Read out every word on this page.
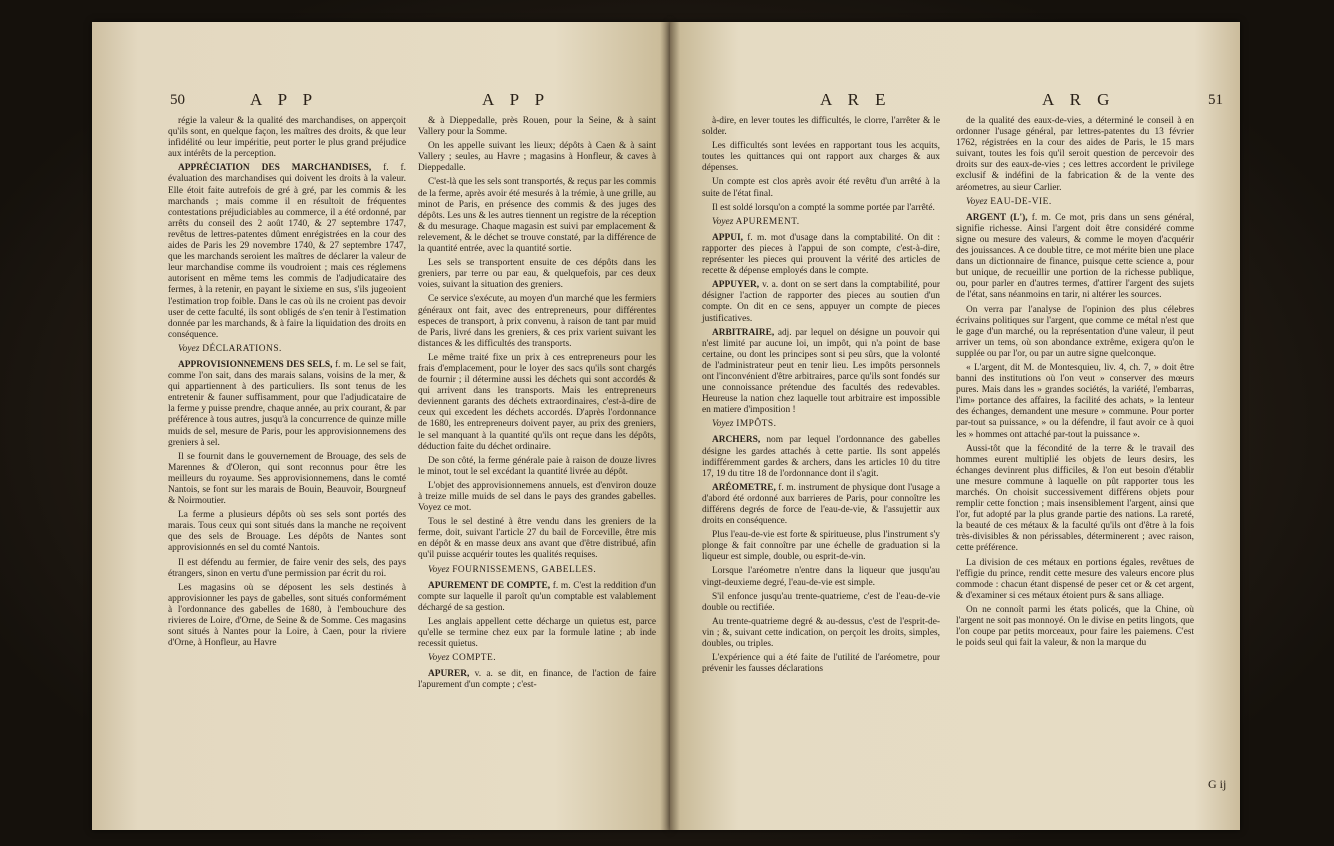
50	A P P	A P P

régie la valeur & la qualité des marchandises, on apperçoit qu'ils sont, en quelque façon, les maîtres des droits, & que leur infidélité ou leur impéritie, peut porter le plus grand préjudice aux intérêts de la perception.

APPRÉCIATION DES MARCHANDISES, f. f. évaluation des marchandises qui doivent les droits à la valeur. Elle étoit faite autrefois de gré à gré, par les commis & les marchands ; mais comme il en résultoit de fréquentes contestations préjudiciables au commerce, il a été ordonné, par arrêts du conseil des 2 août 1740, & 27 septembre 1747, revêtus de lettres-patentes dûment enrégistrées en la cour des aides de Paris les 29 novembre 1740, & 27 septembre 1747, que les marchands seroient les maîtres de déclarer la valeur de leur marchandise comme ils voudroient ; mais ces réglemens autorisent en même tems les commis de l'adjudicataire des fermes, à la retenir, en payant le sixieme en sus, s'ils jugeoient l'estimation trop foible. Dans le cas où ils ne croient pas devoir user de cette faculté, ils sont obligés de s'en tenir à l'estimation donnée par les marchands, & à faire la liquidation des droits en conséquence.

Voyez DÉCLARATIONS.

APPROVISIONNEMENS DES SELS, f. m. Le sel se fait, comme l'on sait, dans des marais salans, voisins de la mer, & qui appartiennent à des particuliers. Ils sont tenus de les entretenir & fauner suffisamment, pour que l'adjudicataire de la ferme y puisse prendre, chaque année, au prix courant, & par préférence à tous autres, jusqu'à la concurrence de quinze mille muids de sel, mesure de Paris, pour les approvisionnemens des greniers à sel.

Il se fournit dans le gouvernement de Brouage, des sels de Marennes & d'Oleron, qui sont reconnus pour être les meilleurs du royaume. Ses approvisionnemens, dans le comté Nantois, se font sur les marais de Bouin, Beauvoir, Bourgneuf & Noirmoutier.

La ferme a plusieurs dépôts où ses sels sont portés des marais. Tous ceux qui sont situés dans la manche ne reçoivent que des sels de Brouage. Les dépôts de Nantes sont approvisionnés en sel du comté Nantois.

Il est défendu au fermier, de faire venir des sels, des pays étrangers, sinon en vertu d'une permission par écrit du roi.

Les magasins où se déposent les sels destinés à approvisionner les pays de gabelles, sont situés conformément à l'ordonnance des gabelles de 1680, à l'embouchure des rivieres de Loire, d'Orne, de Seine & de Somme. Ces magasins sont situés à Nantes pour la Loire, à Caen, pour la riviere d'Orne, à Honfleur, au Havre

& à Dieppedalle, près Rouen, pour la Seine, & à saint Vallery pour la Somme.

On les appelle suivant les lieux; dépôts à Caen & à saint Vallery ; seules, au Havre ; magasins à Honfleur, & caves à Dieppedalle.

C'est-là que les sels sont transportés, & reçus par les commis de la ferme, après avoir été mesurés à la trémie, à une grille, au minot de Paris, en présence des commis & des juges des dépôts. Les uns & les autres tiennent un registre de la réception & du mesurage. Chaque magasin est suivi par emplacement & relevement, & le déchet se trouve constaté, par la différence de la quantité entrée, avec la quantité sortie.

Les sels se transportent ensuite de ces dépôts dans les greniers, par terre ou par eau, & quelquefois, par ces deux voies, suivant la situation des greniers.

Ce service s'exécute, au moyen d'un marché que les fermiers généraux ont fait, avec des entrepreneurs, pour différentes especes de transport, à prix convenu, à raison de tant par muid de Paris, livré dans les greniers, & ces prix varient suivant les distances & les difficultés des transports.

Le même traité fixe un prix à ces entrepreneurs pour les frais d'emplacement, pour le loyer des sacs qu'ils sont chargés de fournir ; il détermine aussi les déchets qui sont accordés & qui arrivent dans les transports. Mais les entrepreneurs deviennent garants des déchets extraordinaires, c'est-à-dire de ceux qui excedent les déchets accordés. D'après l'ordonnance de 1680, les entrepreneurs doivent payer, au prix des greniers, le sel manquant à la quantité qu'ils ont reçue dans les dépôts, déduction faite du déchet ordinaire.

De son côté, la ferme générale paie à raison de douze livres le minot, tout le sel excédant la quantité livrée au dépôt.

L'objet des approvisionnemens annuels, est d'environ douze à treize mille muids de sel dans le pays des grandes gabelles. Voyez ce mot.

Tous le sel destiné à être vendu dans les greniers de la ferme, doit, suivant l'article 27 du bail de Forceville, être mis en dépôt & en masse deux ans avant que d'être distribué, afin qu'il puisse acquérir toutes les qualités requises.

Voyez FOURNISSEMENS, GABELLES.

APUREMENT DE COMPTE, f. m. C'est la reddition d'un compte sur laquelle il paroît qu'un comptable est valablement déchargé de sa gestion.

Les anglais appellent cette décharge un quietus est, parce qu'elle se termine chez eux par la formule latine ; ab inde recessit quietus.

Voyez COMPTE.

APURER, v. a. se dit, en finance, de l'action de faire l'apurement d'un compte ; c'est-

A R E	A R G	51

à-dire, en lever toutes les difficultés, le clorre, l'arrêter & le solder.

Les difficultés sont levées en rapportant tous les acquits, toutes les quittances qui ont rapport aux charges & aux dépenses.

Un compte est clos après avoir été revêtu d'un arrêté à la suite de l'état final.

Il est soldé lorsqu'on a compté la somme portée par l'arrêté.

Voyez APUREMENT.

APPUI, f. m. mot d'usage dans la comptabilité. On dit : rapporter des pieces à l'appui de son compte, c'est-à-dire, représenter les pieces qui prouvent la vérité des articles de recette & dépense employés dans le compte.

APPUYER, v. a. dont on se sert dans la comptabilité, pour désigner l'action de rapporter des pieces au soutien d'un compte. On dit en ce sens, appuyer un compte de pieces justificatives.

ARBITRAIRE, adj. par lequel on désigne un pouvoir qui n'est limité par aucune loi, un impôt, qui n'a point de base certaine, ou dont les principes sont si peu sûrs, que la volonté de l'administrateur peut en tenir lieu. Les impôts personnels ont l'inconvénient d'être arbitraires, parce qu'ils sont fondés sur une connoissance prétendue des facultés des redevables. Heureuse la nation chez laquelle tout arbitraire est impossible en matiere d'imposition !

Voyez IMPÔTS.

ARCHERS, nom par lequel l'ordonnance des gabelles désigne les gardes attachés à cette partie. Ils sont appelés indifféremment gardes & archers, dans les articles 10 du titre 17, 19 du titre 18 de l'ordonnance dont il s'agit.

ARÉOMETRE, f. m. instrument de physique dont l'usage a d'abord été ordonné aux barrieres de Paris, pour connoître les différens degrés de force de l'eau-de-vie, & l'assujettir aux droits en conséquence.

Plus l'eau-de-vie est forte & spiritueuse, plus l'instrument s'y plonge & fait connoître par une échelle de graduation si la liqueur est simple, double, ou esprit-de-vin.

Lorsque l'aréometre n'entre dans la liqueur que jusqu'au vingt-deuxieme degré, l'eau-de-vie est simple.

S'il enfonce jusqu'au trente-quatrieme, c'est de l'eau-de-vie double ou rectifiée.

Au trente-quatrieme degré & au-dessus, c'est de l'esprit-de-vin ; &, suivant cette indication, on perçoit les droits, simples, doubles, ou triples.

L'expérience qui a été faite de l'utilité de l'aréometre, pour prévenir les fausses déclarations

de la qualité des eaux-de-vies, a déterminé le conseil à en ordonner l'usage général, par lettres-patentes du 13 février 1762, régistrées en la cour des aides de Paris, le 15 mars suivant, toutes les fois qu'il seroit question de percevoir des droits sur des eaux-de-vies ; ces lettres accordent le privilege exclusif & indéfini de la fabrication & de la vente des aréometres, au sieur Carlier.

Voyez EAU-DE-VIE.

ARGENT (L'), f. m. Ce mot, pris dans un sens général, signifie richesse. Ainsi l'argent doit être considéré comme signe ou mesure des valeurs, & comme le moyen d'acquérir des jouissances. A ce double titre, ce mot mérite bien une place dans un dictionnaire de finance, puisque cette science a, pour but unique, de recueillir une portion de la richesse publique, ou, pour parler en d'autres termes, d'attirer l'argent des sujets de l'état, sans néanmoins en tarir, ni altérer les sources.

On verra par l'analyse de l'opinion des plus célebres écrivains politiques sur l'argent, que comme ce métal n'est que le gage d'un marché, ou la représentation d'une valeur, il peut arriver un tems, où son abondance extrême, exigera qu'on le supplée ou par l'or, ou par un autre signe quelconque.

« L'argent, dit M. de Montesquieu, liv. 4, ch. 7, » doit être banni des institutions où l'on veut » conserver des mœurs pures. Mais dans les » grandes sociétés, la variété, l'embarras, l'im» portance des affaires, la facilité des achats, » la lenteur des échanges, demandent une mesure » commune. Pour porter par-tout sa puissance, » ou la défendre, il faut avoir ce à quoi les » hommes ont attaché par-tout la puissance ».

Aussi-tôt que la fécondité de la terre & le travail des hommes eurent multiplié les objets de leurs desirs, les échanges devinrent plus difficiles, & l'on eut besoin d'établir une mesure commune à laquelle on pût rapporter tous les marchés. On choisit successivement différens objets pour remplir cette fonction ; mais insensiblement l'argent, ainsi que l'or, fut adopté par la plus grande partie des nations. La rareté, la beauté de ces métaux & la faculté qu'ils ont d'être à la fois très-divisibles & non périssables, déterminerent ; avec raison, cette préférence.

La division de ces métaux en portions égales, revêtues de l'effigie du prince, rendit cette mesure des valeurs encore plus commode : chacun étant dispensé de peser cet or & cet argent, & d'examiner si ces métaux étoient purs & sans alliage.

On ne connoît parmi les états policés, que la Chine, où l'argent ne soit pas monnoyé. On le divise en petits lingots, que l'on coupe par petits morceaux, pour faire les paiemens. C'est le poids seul qui fait la valeur, & non la marque du

G ij
